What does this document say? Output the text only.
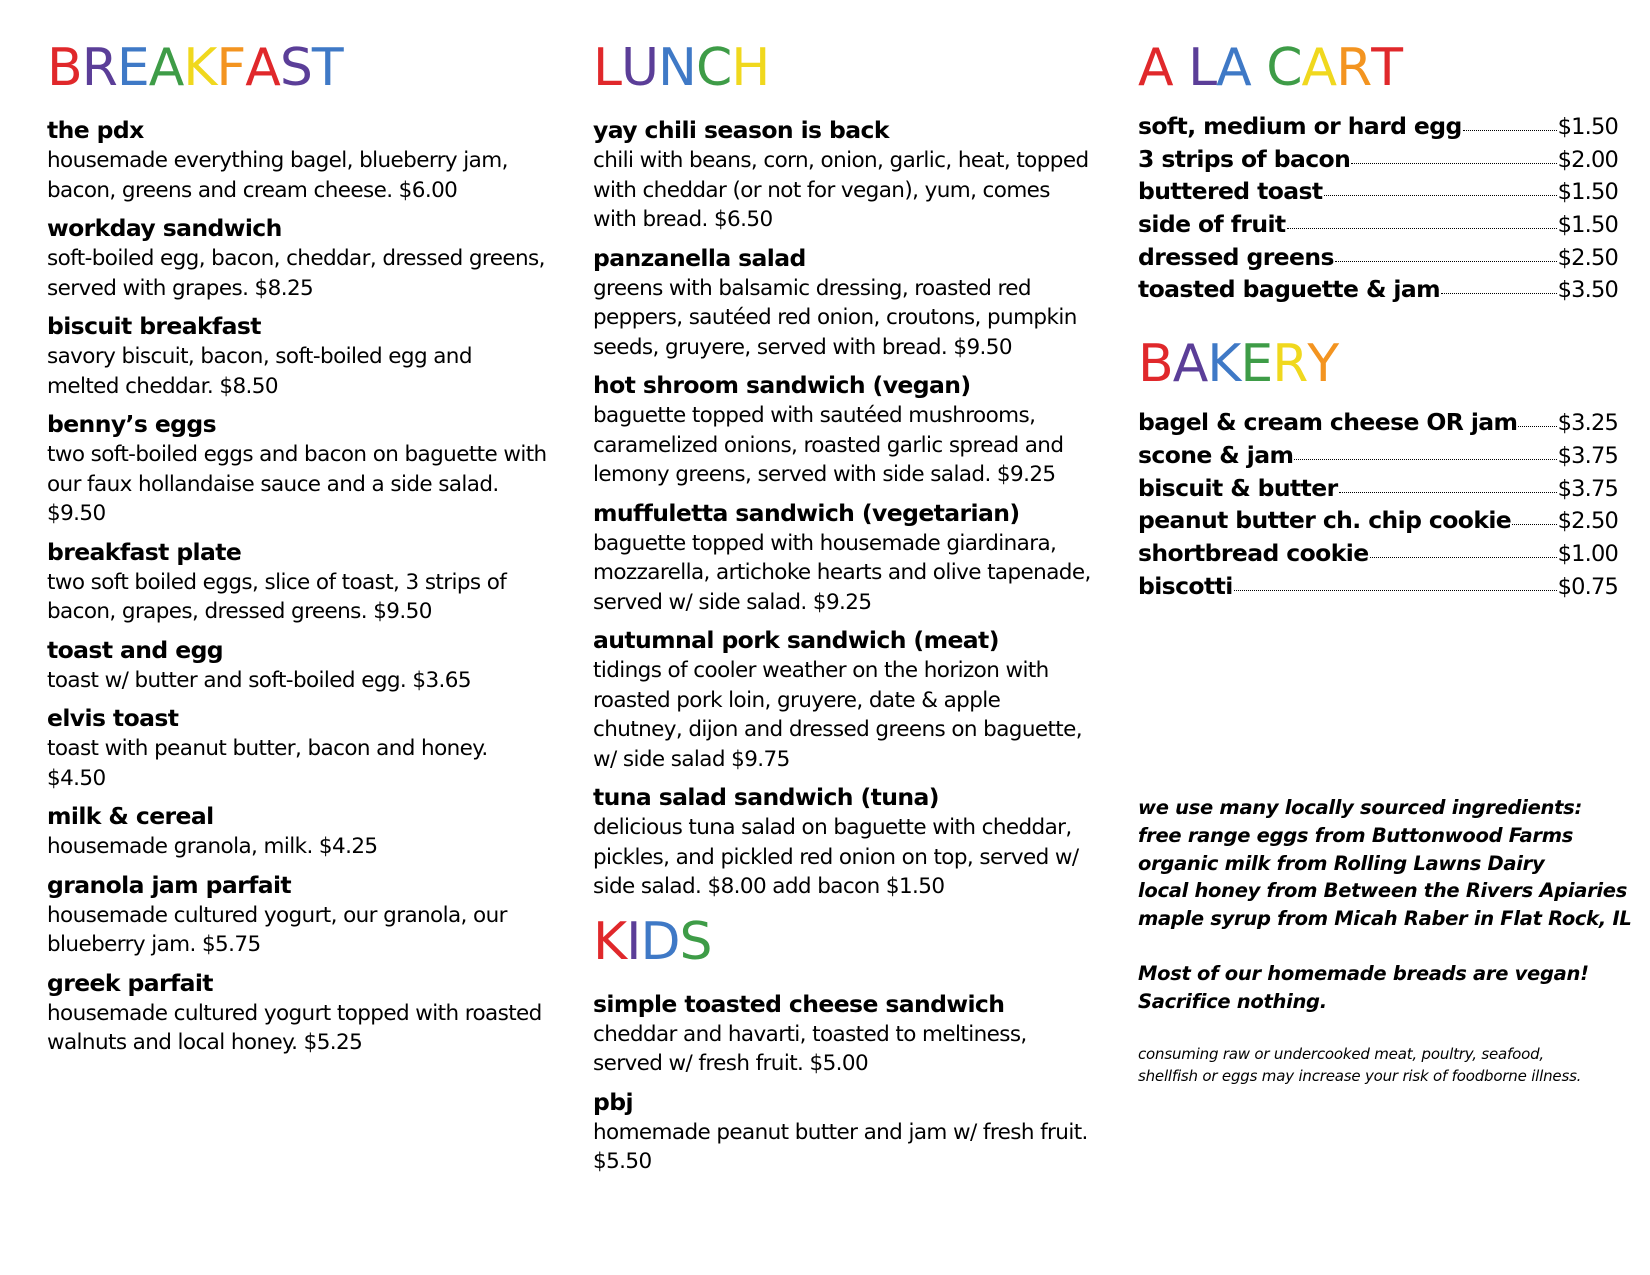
BREAKFAST
the pdx
housemade everything bagel, blueberry jam, bacon, greens and cream cheese. $6.00
workday sandwich
soft-boiled egg, bacon, cheddar, dressed greens, served with grapes. $8.25
biscuit breakfast
savory biscuit, bacon, soft-boiled egg and melted cheddar. $8.50
benny’s eggs
two soft-boiled eggs and bacon on baguette with our faux hollandaise sauce and a side salad. $9.50
breakfast plate
two soft boiled eggs, slice of toast, 3 strips of bacon, grapes, dressed greens. $9.50
toast and egg
toast w/ butter and soft-boiled egg. $3.65
elvis toast
toast with peanut butter, bacon and honey. $4.50
milk & cereal
housemade granola, milk. $4.25
granola jam parfait
housemade cultured yogurt, our granola, our blueberry jam. $5.75
greek parfait
housemade cultured yogurt topped with roasted walnuts and local honey. $5.25
LUNCH
yay chili season is back
chili with beans, corn, onion, garlic, heat, topped with cheddar (or not for vegan), yum, comes with bread. $6.50
panzanella salad
greens with balsamic dressing, roasted red peppers, sautéed red onion, croutons, pumpkin seeds, gruyere, served with bread. $9.50
hot shroom sandwich (vegan)
baguette topped with sautéed mushrooms, caramelized onions, roasted garlic spread and lemony greens, served with side salad. $9.25
muffuletta sandwich (vegetarian)
baguette topped with housemade giardinara, mozzarella, artichoke hearts and olive tapenade, served w/ side salad. $9.25
autumnal pork sandwich (meat)
tidings of cooler weather on the horizon with roasted pork loin, gruyere, date & apple chutney, dijon and dressed greens on baguette, w/ side salad $9.75
tuna salad sandwich (tuna)
delicious tuna salad on baguette with cheddar, pickles, and pickled red onion on top, served w/ side salad. $8.00 add bacon $1.50
KIDS
simple toasted cheese sandwich
cheddar and havarti, toasted to meltiness, served w/ fresh fruit. $5.00
pbj
homemade peanut butter and jam w/ fresh fruit. $5.50
A LA CART
soft, medium or hard egg	$1.50
3 strips of bacon	$2.00
buttered toast	$1.50
side of fruit	$1.50
dressed greens	$2.50
toasted baguette & jam	$3.50
BAKERY
bagel & cream cheese OR jam $3.25
scone & jam	$3.75
biscuit & butter	$3.75
peanut butter ch. chip cookie $2.50
shortbread cookie	$1.00
biscotti	$0.75
we use many locally sourced ingredients:
free range eggs from Buttonwood Farms
organic milk from Rolling Lawns Dairy
local honey from Between the Rivers Apiaries
maple syrup from Micah Raber in Flat Rock, IL
Most of our homemade breads are vegan!
Sacrifice nothing.
consuming raw or undercooked meat, poultry, seafood,
shellfish or eggs may increase your risk of foodborne illness.
